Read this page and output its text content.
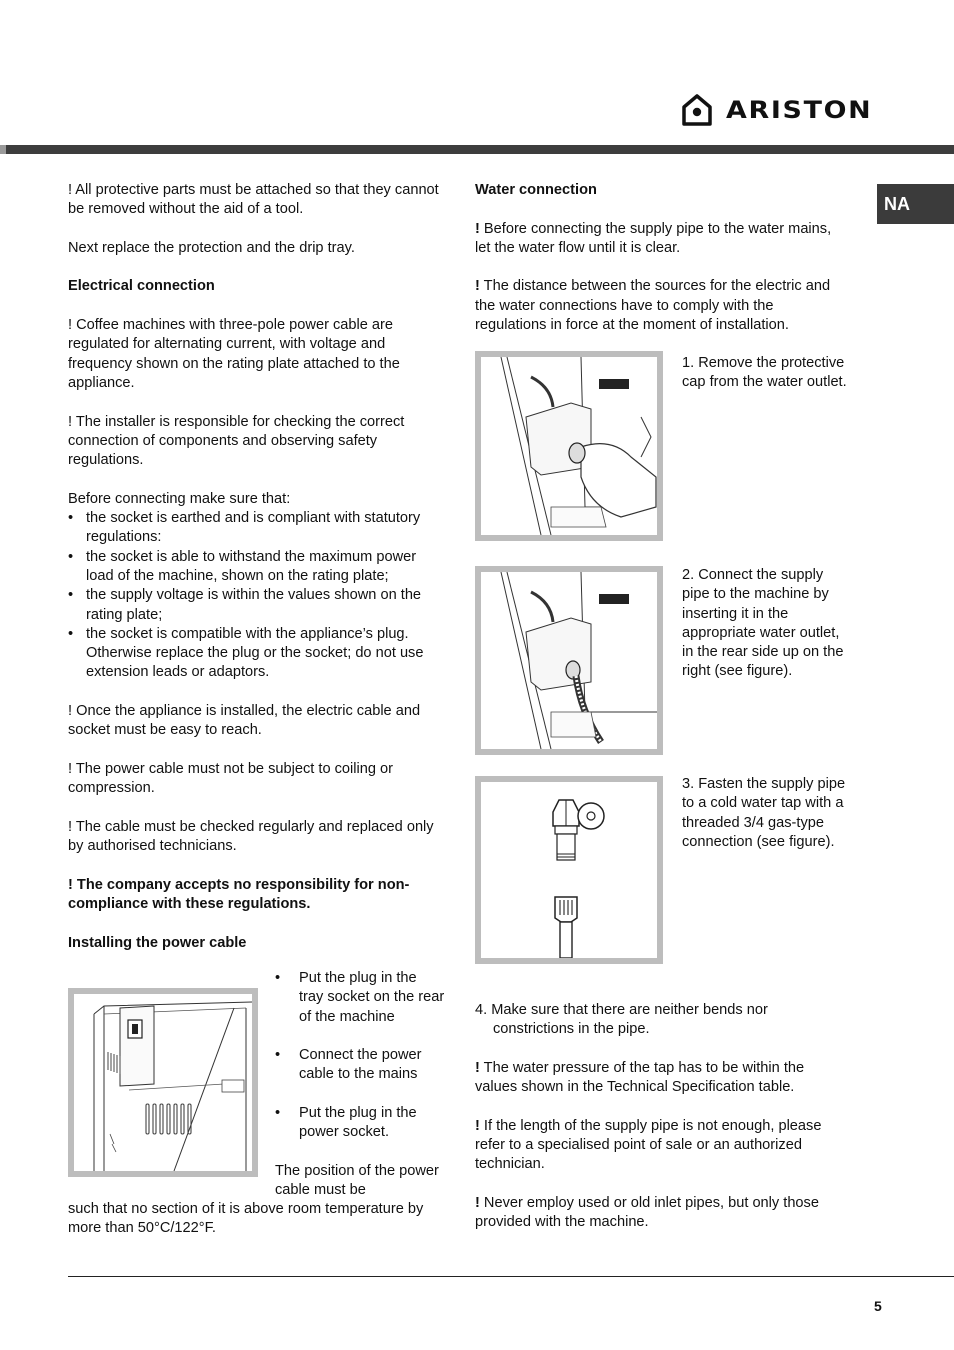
ARISTON
NA

! All protective parts must be attached so that they cannot be removed without the aid of a tool.

Next replace the protection and the drip tray.

Electrical connection

! Coffee machines with three-pole power cable are regulated for alternating current, with voltage and frequency shown on the rating plate attached to the appliance.

! The installer is responsible for checking the correct connection of components and observing safety regulations.

Before connecting make sure that:

• the socket is earthed and is compliant with statutory regulations:
• the socket is able to withstand the maximum power load of the machine, shown on the rating plate;
• the supply voltage is within the values shown on the rating plate;
• the socket is compatible with the appliance’s plug. Otherwise replace the plug or the socket; do not use extension leads or adaptors.

! Once the appliance is installed, the electric cable and socket must be easy to reach.

! The power cable must not be subject to coiling or compression.

! The cable must be checked regularly and replaced only by authorised technicians.

! The company accepts no responsibility for non-compliance with these regulations.

Installing the power cable

•	Put the plug in the tray socket on the rear of the machine
•	Connect the power cable to the mains
•	Put the plug in the power socket.

The position of the power cable must be

such that no section of it is above room temperature by more than 50°C/122°F.

Water connection

! Before connecting the supply pipe to the water mains, let the water flow until it is clear.

! The distance between the sources for the electric and the water connections have to comply with the regulations in force at the moment of installation.

1. Remove the protective cap from the water outlet.

2. Connect the supply pipe to the machine by inserting it in the appropriate water outlet, in the rear side up on the right (see figure).

3. Fasten the supply pipe to a cold water tap with a threaded 3/4 gas-type connection (see figure).

4. Make sure that there are neither bends nor constrictions in the pipe.

! The water pressure of the tap has to be within the values shown in the Technical Specification table.

! If the length of the supply pipe is not enough, please refer to a specialised point of sale or an authorized technician.

! Never employ used or old inlet pipes, but only those provided with the machine.

5
